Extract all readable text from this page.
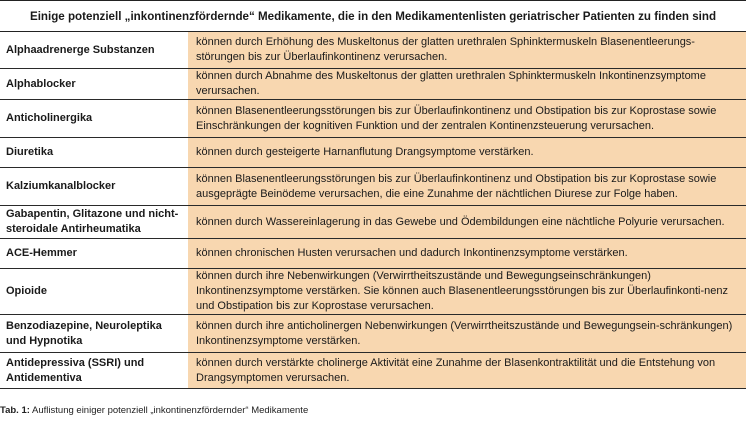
Einige potenziell „inkontinenzfördernde“ Medikamente, die in den Medikamentenlisten geriatrischer Patienten zu finden sind	
Alphaadrenerge Substanzen	können durch Erhöhung des Muskeltonus der glatten urethralen Sphinktermuskeln Blasenentleerungs-störungen bis zur Überlaufinkontinenz verursachen.
Alphablocker	können durch Abnahme des Muskeltonus der glatten urethralen Sphinktermuskeln Inkontinenzsymptome verursachen.
Anticholinergika	können Blasenentleerungsstörungen bis zur Überlaufinkontinenz und Obstipation bis zur Koprostase sowie Einschränkungen der kognitiven Funktion und der zentralen Kontinenzsteuerung verursachen.
Diuretika	können durch gesteigerte Harnanflutung Drangsymptome verstärken.
Kalziumkanalblocker	können Blasenentleerungsstörungen bis zur Überlaufinkontinenz und Obstipation bis zur Koprostase sowie ausgeprägte Beinödeme verursachen, die eine Zunahme der nächtlichen Diurese zur Folge haben.
Gabapentin, Glitazone und nicht-steroidale Antirheumatika	können durch Wassereinlagerung in das Gewebe und Ödembildungen eine nächtliche Polyurie verursachen.
ACE-Hemmer	können chronischen Husten verursachen und dadurch Inkontinenzsymptome verstärken.
Opioide	können durch ihre Nebenwirkungen (Verwirrtheitszustände und Bewegungseinschränkungen) Inkontinenzsymptome verstärken. Sie können auch Blasenentleerungsstörungen bis zur Überlaufinkonti-nenz und Obstipation bis zur Koprostase verursachen.
Benzodiazepine, Neuroleptika und Hypnotika	können durch ihre anticholinergen Nebenwirkungen (Verwirrtheitszustände und Bewegungsein-schränkungen) Inkontinenzsymptome verstärken.
Antidepressiva (SSRI) und Antidementiva	können durch verstärkte cholinerge Aktivität eine Zunahme der Blasenkontraktilität und die Entstehung von Drangsymptomen verursachen.
Tab. 1: Auflistung einiger potenziell „inkontinenzfördernder“ Medikamente
